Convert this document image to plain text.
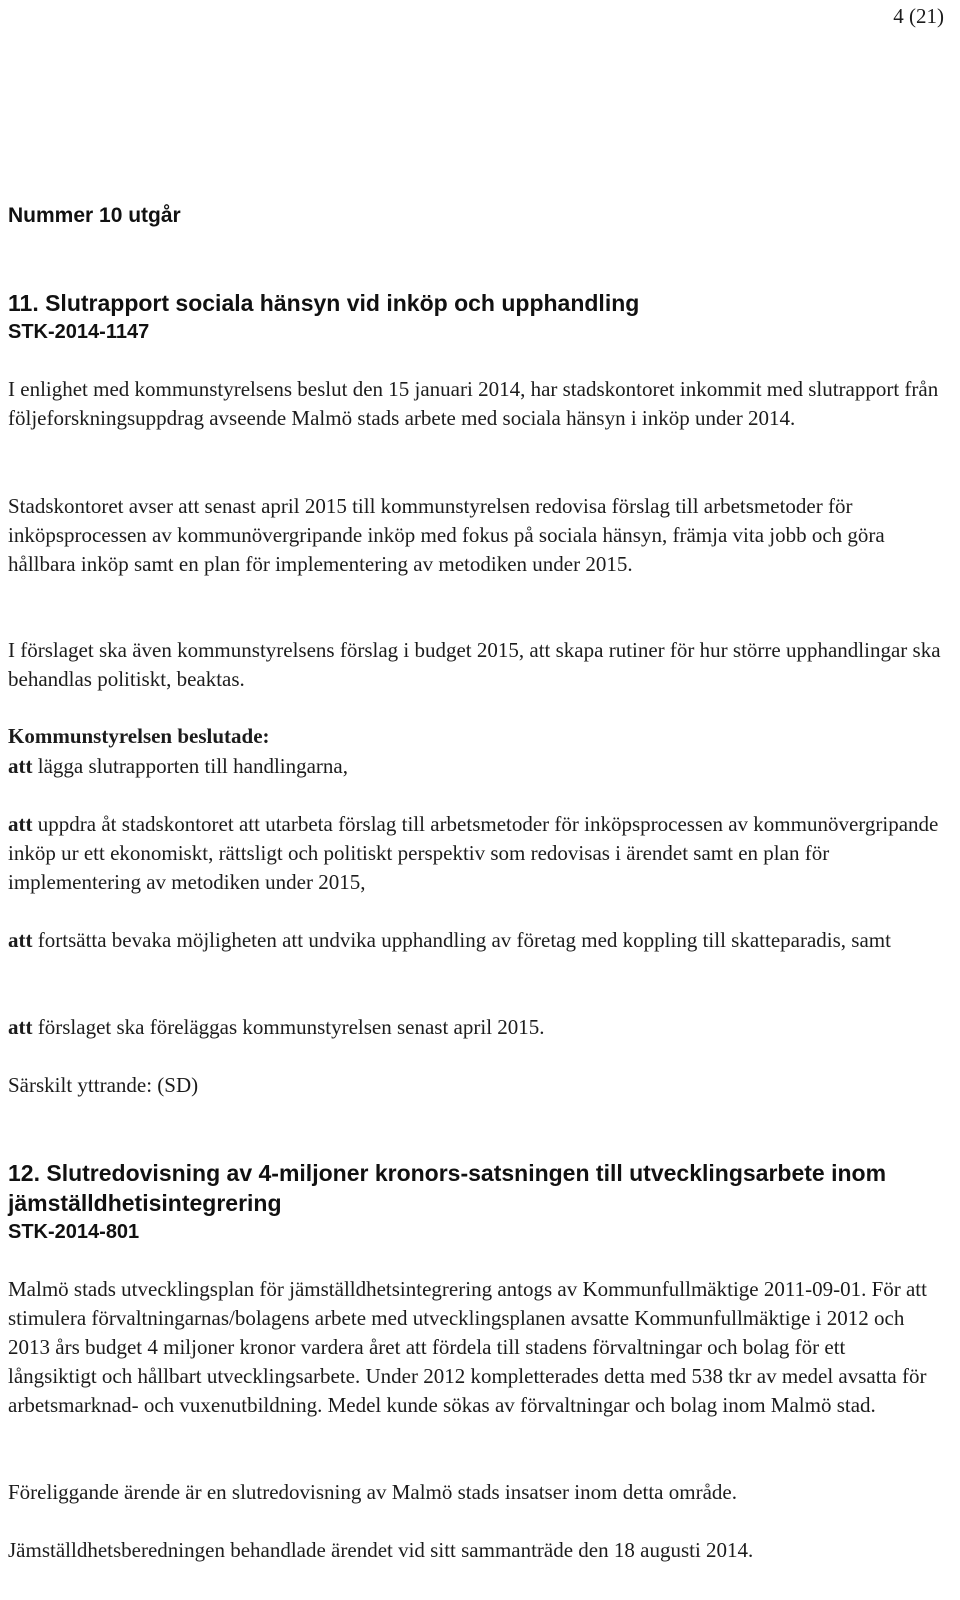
4 (21)
Nummer 10 utgår
11. Slutrapport sociala hänsyn vid inköp och upphandling
STK-2014-1147

I enlighet med kommunstyrelsens beslut den 15 januari 2014, har stadskontoret inkommit med slutrapport från följeforskningsuppdrag avseende Malmö stads arbete med sociala hänsyn i inköp under 2014.

Stadskontoret avser att senast april 2015 till kommunstyrelsen redovisa förslag till arbetsmetoder för inköpsprocessen av kommunövergripande inköp med fokus på sociala hänsyn, främja vita jobb och göra hållbara inköp samt en plan för implementering av metodiken under 2015.

I förslaget ska även kommunstyrelsens förslag i budget 2015, att skapa rutiner för hur större upphandlingar ska behandlas politiskt, beaktas.

Kommunstyrelsen beslutade:

att lägga slutrapporten till handlingarna,

att uppdra åt stadskontoret att utarbeta förslag till arbetsmetoder för inköpsprocessen av kommunövergripande inköp ur ett ekonomiskt, rättsligt och politiskt perspektiv som redovisas i ärendet samt en plan för implementering av metodiken under 2015,

att fortsätta bevaka möjligheten att undvika upphandling av företag med koppling till skatteparadis, samt

att förslaget ska föreläggas kommunstyrelsen senast april 2015.

Särskilt yttrande: (SD)

12. Slutredovisning av 4-miljoner kronors-satsningen till utvecklingsarbete inom jämställdhetisintegrering
STK-2014-801

Malmö stads utvecklingsplan för jämställdhetsintegrering antogs av Kommunfullmäktige 2011-09-01. För att stimulera förvaltningarnas/bolagens arbete med utvecklingsplanen avsatte Kommunfullmäktige i 2012 och 2013 års budget 4 miljoner kronor vardera året att fördela till stadens förvaltningar och bolag för ett långsiktigt och hållbart utvecklingsarbete. Under 2012 kompletterades detta med 538 tkr av medel avsatta för arbetsmarknad- och vuxenutbildning. Medel kunde sökas av förvaltningar och bolag inom Malmö stad.

Föreliggande ärende är en slutredovisning av Malmö stads insatser inom detta område.

Jämställdhetsberedningen behandlade ärendet vid sitt sammanträde den 18 augusti 2014.
